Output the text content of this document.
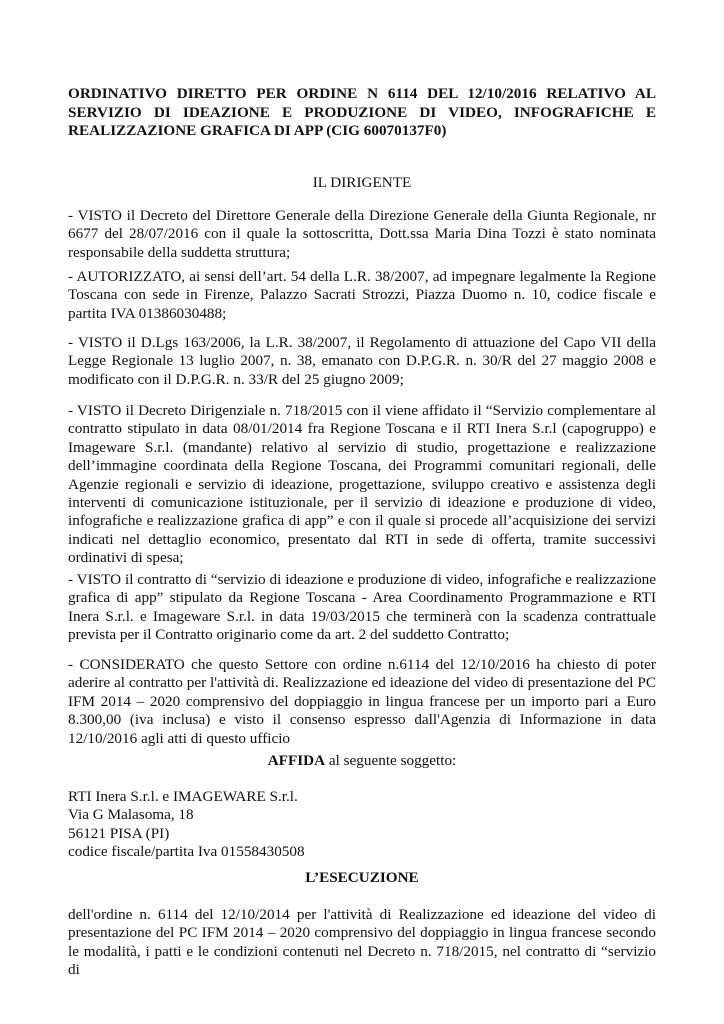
ORDINATIVO DIRETTO PER ORDINE N 6114 DEL 12/10/2016 RELATIVO AL SERVIZIO DI IDEAZIONE E PRODUZIONE DI VIDEO, INFOGRAFICHE E REALIZZAZIONE GRAFICA DI APP (CIG 60070137F0)
IL DIRIGENTE
- VISTO il Decreto del Direttore Generale della Direzione Generale della Giunta Regionale, nr 6677 del 28/07/2016 con il quale la sottoscritta, Dott.ssa Maria Dina Tozzi è stato nominata responsabile della suddetta struttura;
- AUTORIZZATO, ai sensi dell’art. 54 della L.R. 38/2007, ad impegnare legalmente la Regione Toscana con sede in Firenze, Palazzo Sacrati Strozzi, Piazza Duomo n. 10, codice fiscale e partita IVA 01386030488;
- VISTO il D.Lgs 163/2006, la L.R. 38/2007, il Regolamento di attuazione del Capo VII della Legge Regionale 13 luglio 2007, n. 38, emanato con D.P.G.R. n. 30/R del 27 maggio 2008 e modificato con il D.P.G.R. n. 33/R del 25 giugno 2009;
- VISTO il Decreto Dirigenziale n. 718/2015 con il viene affidato il “Servizio complementare al contratto stipulato in data 08/01/2014 fra Regione Toscana e il RTI Inera S.r.l (capogruppo) e Imageware S.r.l. (mandante) relativo al servizio di studio, progettazione e realizzazione dell’immagine coordinata della Regione Toscana, dei Programmi comunitari regionali, delle Agenzie regionali e servizio di ideazione, progettazione, sviluppo creativo e assistenza degli interventi di comunicazione istituzionale, per il servizio di ideazione e produzione di video, infografiche e realizzazione grafica di app” e con il quale si procede all’acquisizione dei servizi indicati nel dettaglio economico, presentato dal RTI in sede di offerta, tramite successivi ordinativi di spesa;
- VISTO il contratto di “servizio di ideazione e produzione di video, infografiche e realizzazione grafica di app” stipulato da Regione Toscana - Area Coordinamento Programmazione e RTI Inera S.r.l. e Imageware S.r.l. in data 19/03/2015 che terminerà con la scadenza contrattuale prevista per il Contratto originario come da art. 2 del suddetto Contratto;
- CONSIDERATO che questo Settore con ordine n.6114 del 12/10/2016 ha chiesto di poter aderire al contratto per l'attività di. Realizzazione ed ideazione del video di presentazione del PC IFM 2014 – 2020 comprensivo del doppiaggio in lingua francese per un importo pari a Euro 8.300,00 (iva inclusa) e visto il consenso espresso dall'Agenzia di Informazione in data 12/10/2016 agli atti di questo ufficio
AFFIDA al seguente soggetto:
RTI Inera S.r.l. e IMAGEWARE S.r.l.
Via G Malasoma, 18
56121 PISA (PI)
codice fiscale/partita Iva 01558430508
L’ESECUZIONE
dell'ordine n. 6114 del 12/10/2014 per l'attività di Realizzazione ed ideazione del video di presentazione del PC IFM 2014 – 2020 comprensivo del doppiaggio in lingua francese secondo le modalità, i patti e le condizioni contenuti nel Decreto n. 718/2015, nel contratto di “servizio di
